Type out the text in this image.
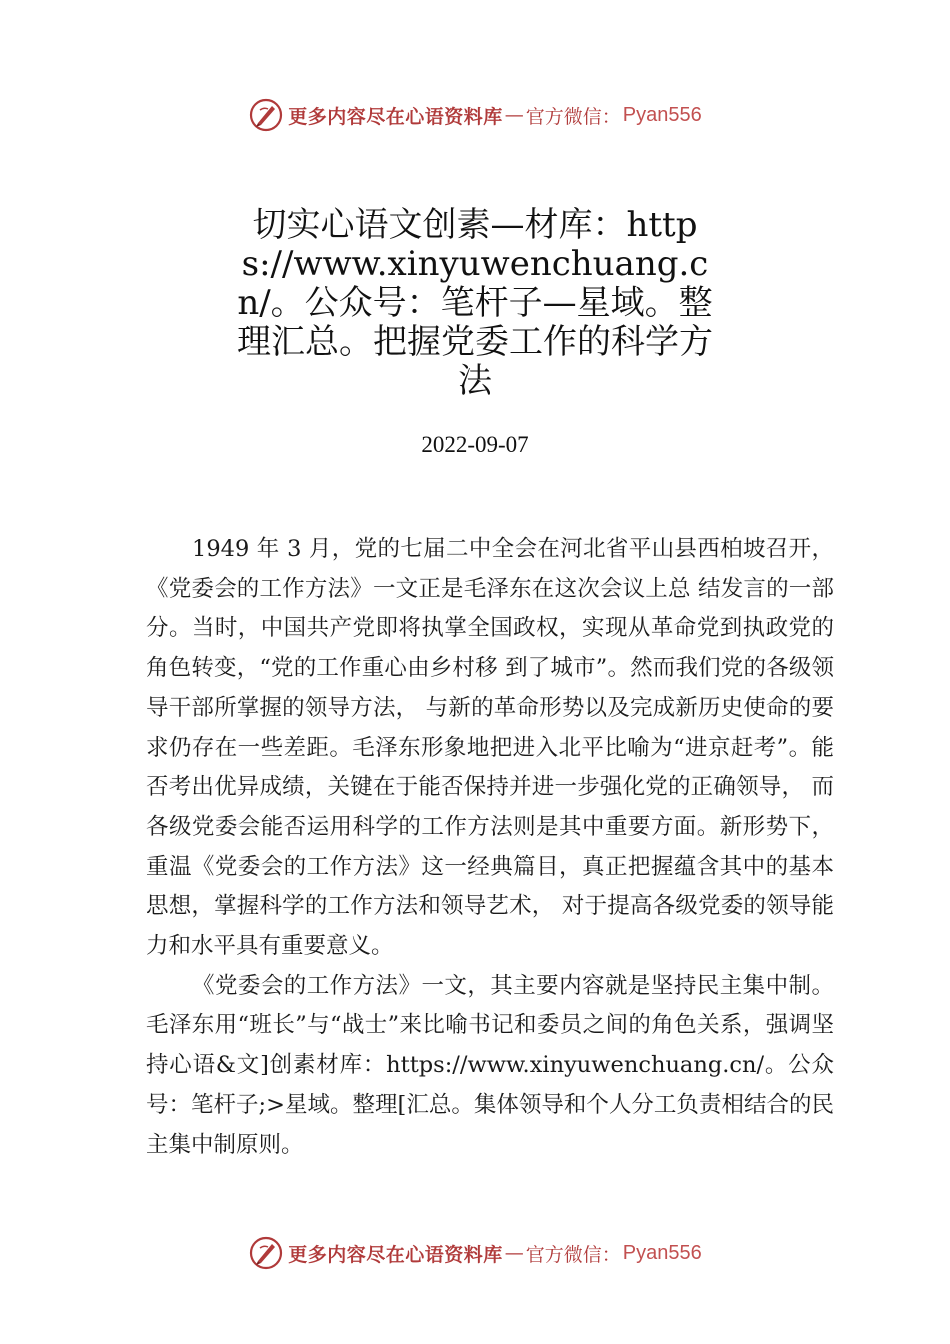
更多内容尽在心语资料库 — 官方微信： Pyan556
切实心语文创素—材库：https://www.xinyuwenchuang.cn/。公众号：笔杆子—星域。整理汇总。把握党委工作的科学方法
2022-09-07

1949 年 3 月，党的七届二中全会在河北省平山县西柏坡召开，《党委会的工作方法》一文正是毛泽东在这次会议上总 结发言的一部分。当时，中国共产党即将执掌全国政权，实现从革命党到执政党的角色转变，“党的工作重心由乡村移 到了城市”。然而我们党的各级领导干部所掌握的领导方法， 与新的革命形势以及完成新历史使命的要求仍存在一些差距。毛泽东形象地把进入北平比喻为“进京赶考”。能否考出优异成绩，关键在于能否保持并进一步强化党的正确领导， 而各级党委会能否运用科学的工作方法则是其中重要方面。新形势下，重温《党委会的工作方法》这一经典篇目，真正把握蕴含其中的基本思想，掌握科学的工作方法和领导艺术， 对于提高各级党委的领导能力和水平具有重要意义。

《党委会的工作方法》一文，其主要内容就是坚持民主集中制。毛泽东用“班长”与“战士”来比喻书记和委员之间的角色关系，强调坚持心语&文]创素材库：https://www.xinyuwenchuang.cn/。公众号：笔杆子;>星域。整理[汇总。集体领导和个人分工负责相结合的民主集中制原则。

更多内容尽在心语资料库 — 官方微信： Pyan556
